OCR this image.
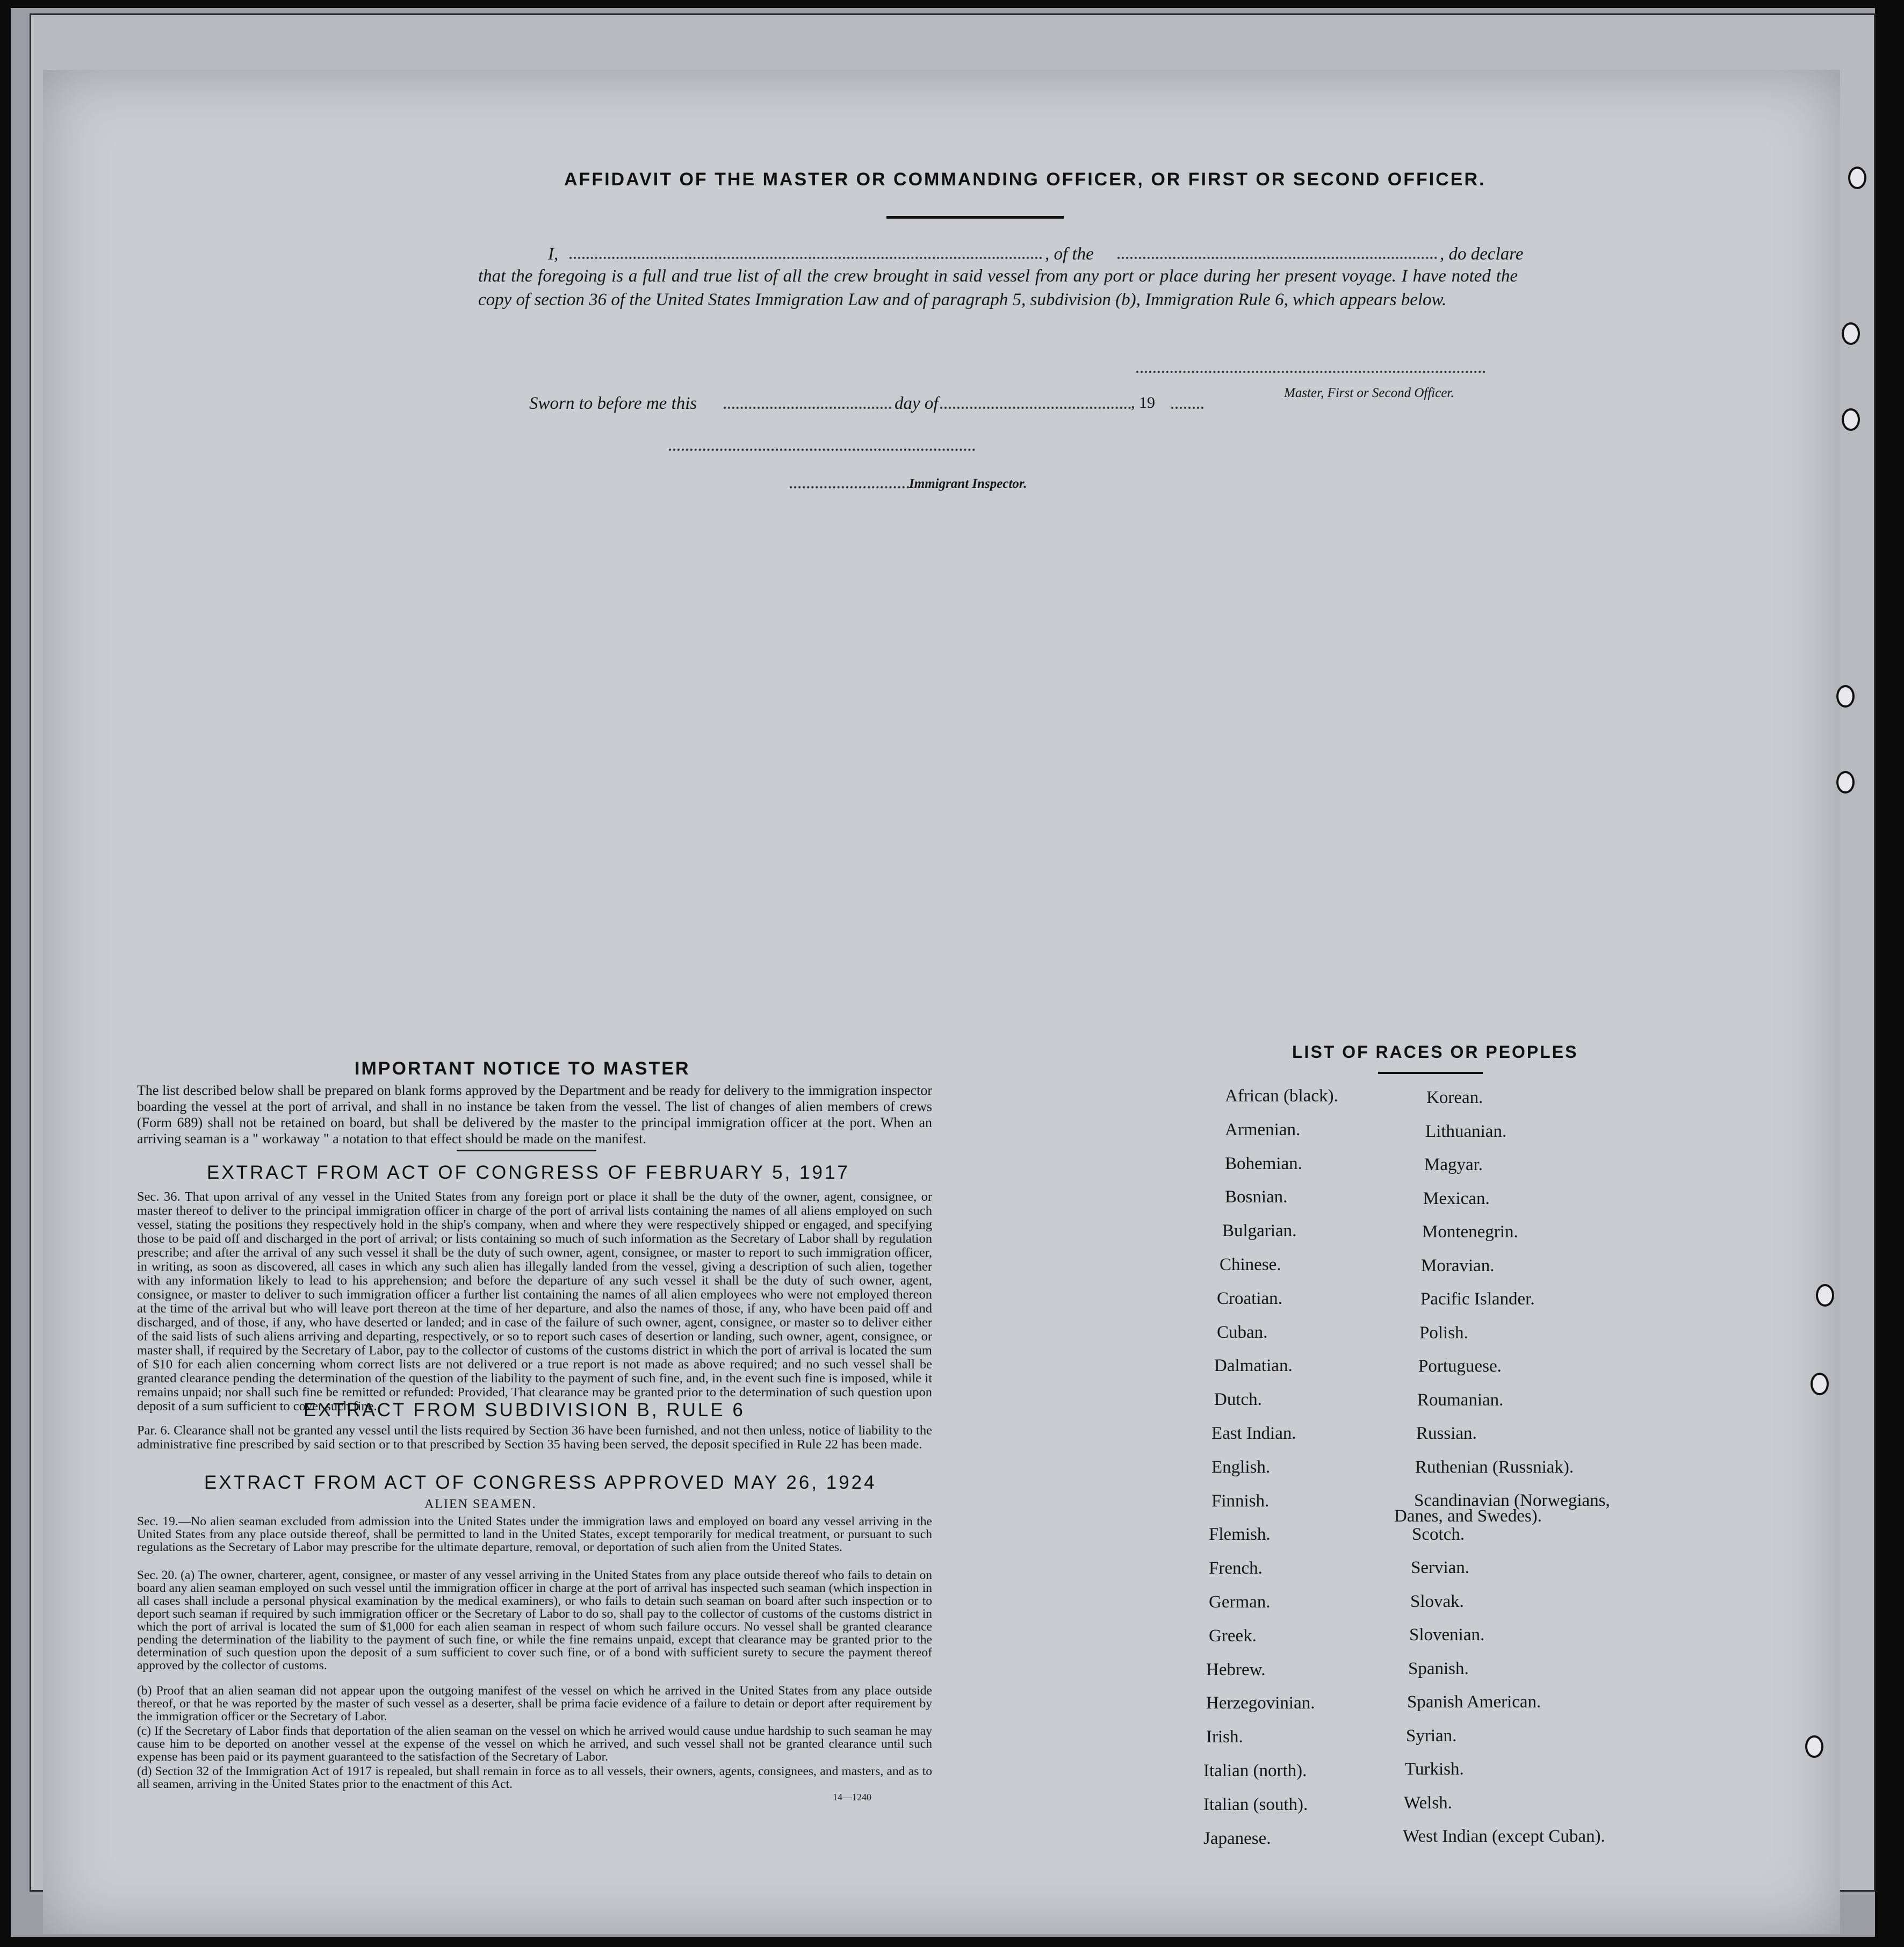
AFFIDAVIT OF THE MASTER OR COMMANDING OFFICER, OR FIRST OR SECOND OFFICER.
I,	, of the	, do declare
that the foregoing is a full and true list of all the crew brought in said vessel from any port or place during her present voyage. I have noted the copy of section 36 of the United States Immigration Law and of paragraph 5, subdivision (b), Immigration Rule 6, which appears below.
Master, First or Second Officer.
Sworn to before me this	day of	, 19
Immigrant Inspector.
IMPORTANT NOTICE TO MASTER
The list described below shall be prepared on blank forms approved by the Department and be ready for delivery to the immigration inspector boarding the vessel at the port of arrival, and shall in no instance be taken from the vessel. The list of changes of alien members of crews (Form 689) shall not be retained on board, but shall be delivered by the master to the principal immigration officer at the port. When an arriving seaman is a " workaway " a notation to that effect should be made on the manifest.
EXTRACT FROM ACT OF CONGRESS OF FEBRUARY 5, 1917
Sec. 36. That upon arrival of any vessel in the United States from any foreign port or place it shall be the duty of the owner, agent, consignee, or master thereof to deliver to the principal immigration officer in charge of the port of arrival lists containing the names of all aliens employed on such vessel, stating the positions they respectively hold in the ship's company, when and where they were respectively shipped or engaged, and specifying those to be paid off and discharged in the port of arrival; or lists containing so much of such information as the Secretary of Labor shall by regulation prescribe; and after the arrival of any such vessel it shall be the duty of such owner, agent, consignee, or master to report to such immigration officer, in writing, as soon as discovered, all cases in which any such alien has illegally landed from the vessel, giving a description of such alien, together with any information likely to lead to his apprehension; and before the departure of any such vessel it shall be the duty of such owner, agent, consignee, or master to deliver to such immigration officer a further list containing the names of all alien employees who were not employed thereon at the time of the arrival but who will leave port thereon at the time of her departure, and also the names of those, if any, who have been paid off and discharged, and of those, if any, who have deserted or landed; and in case of the failure of such owner, agent, consignee, or master so to deliver either of the said lists of such aliens arriving and departing, respectively, or so to report such cases of desertion or landing, such owner, agent, consignee, or master shall, if required by the Secretary of Labor, pay to the collector of customs of the customs district in which the port of arrival is located the sum of $10 for each alien concerning whom correct lists are not delivered or a true report is not made as above required; and no such vessel shall be granted clearance pending the determination of the question of the liability to the payment of such fine, and, in the event such fine is imposed, while it remains unpaid; nor shall such fine be remitted or refunded: Provided, That clearance may be granted prior to the determination of such question upon deposit of a sum sufficient to cover such fine.
EXTRACT FROM SUBDIVISION B, RULE 6
Par. 6. Clearance shall not be granted any vessel until the lists required by Section 36 have been furnished, and not then unless, notice of liability to the administrative fine prescribed by said section or to that prescribed by Section 35 having been served, the deposit specified in Rule 22 has been made.
EXTRACT FROM ACT OF CONGRESS APPROVED MAY 26, 1924
ALIEN SEAMEN.
Sec. 19.—No alien seaman excluded from admission into the United States under the immigration laws and employed on board any vessel arriving in the United States from any place outside thereof, shall be permitted to land in the United States, except temporarily for medical treatment, or pursuant to such regulations as the Secretary of Labor may prescribe for the ultimate departure, removal, or deportation of such alien from the United States.
Sec. 20. (a) The owner, charterer, agent, consignee, or master of any vessel arriving in the United States from any place outside thereof who fails to detain on board any alien seaman employed on such vessel until the immigration officer in charge at the port of arrival has inspected such seaman (which inspection in all cases shall include a personal physical examination by the medical examiners), or who fails to detain such seaman on board after such inspection or to deport such seaman if required by such immigration officer or the Secretary of Labor to do so, shall pay to the collector of customs of the customs district in which the port of arrival is located the sum of $1,000 for each alien seaman in respect of whom such failure occurs. No vessel shall be granted clearance pending the determination of the liability to the payment of such fine, or while the fine remains unpaid, except that clearance may be granted prior to the determination of such question upon the deposit of a sum sufficient to cover such fine, or of a bond with sufficient surety to secure the payment thereof approved by the collector of customs.
(b) Proof that an alien seaman did not appear upon the outgoing manifest of the vessel on which he arrived in the United States from any place outside thereof, or that he was reported by the master of such vessel as a deserter, shall be prima facie evidence of a failure to detain or deport after requirement by the immigration officer or the Secretary of Labor.
(c) If the Secretary of Labor finds that deportation of the alien seaman on the vessel on which he arrived would cause undue hardship to such seaman he may cause him to be deported on another vessel at the expense of the vessel on which he arrived, and such vessel shall not be granted clearance until such expense has been paid or its payment guaranteed to the satisfaction of the Secretary of Labor.
(d) Section 32 of the Immigration Act of 1917 is repealed, but shall remain in force as to all vessels, their owners, agents, consignees, and masters, and as to all seamen, arriving in the United States prior to the enactment of this Act.
14—1240
LIST OF RACES OR PEOPLES
African (black).
Armenian.
Bohemian.
Bosnian.
Bulgarian.
Chinese.
Croatian.
Cuban.
Dalmatian.
Dutch.
East Indian.
English.
Finnish.
Flemish.
French.
German.
Greek.
Hebrew.
Herzegovinian.
Irish.
Italian (north).
Italian (south).
Japanese.
Korean.
Lithuanian.
Magyar.
Mexican.
Montenegrin.
Moravian.
Pacific Islander.
Polish.
Portuguese.
Roumanian.
Russian.
Ruthenian (Russniak).
Scandinavian (Norwegians,
Danes, and Swedes).
Scotch.
Servian.
Slovak.
Slovenian.
Spanish.
Spanish American.
Syrian.
Turkish.
Welsh.
West Indian (except Cuban).
